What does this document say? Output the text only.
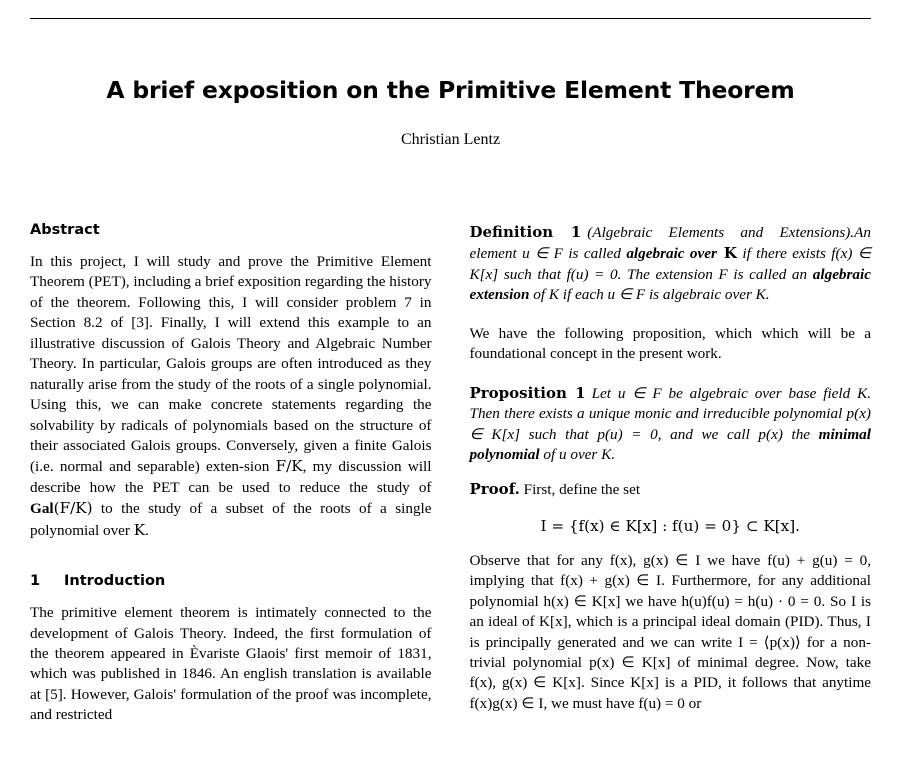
A brief exposition on the Primitive Element Theorem
Christian Lentz
Abstract

In this project, I will study and prove the Primitive Element Theorem (PET), including a brief exposition regarding the history of the theorem. Following this, I will consider problem 7 in Section 8.2 of [3]. Finally, I will extend this example to an illustrative discussion of Galois Theory and Algebraic Number Theory. In particular, Galois groups are often introduced as they naturally arise from the study of the roots of a single polynomial. Using this, we can make concrete statements regarding the solvability by radicals of polynomials based on the structure of their associated Galois groups. Conversely, given a finite Galois (i.e. normal and separable) exten-sion F/K, my discussion will describe how the PET can be used to reduce the study of Gal(F/K) to the study of a subset of the roots of a single polynomial over K.

1	Introduction

The primitive element theorem is intimately connected to the development of Galois Theory. Indeed, the first formulation of the theorem appeared in Èvariste Glaois' first memoir of 1831, which was published in 1846. An english translation is available at [5]. However, Galois' formulation of the proof was incomplete, and restricted

Definition 1 (Algebraic Elements and Extensions).An element u ∈ F is called algebraic over K if there exists f(x) ∈ K[x] such that f(u) = 0. The extension F is called an algebraic extension of K if each u ∈ F is algebraic over K.

We have the following proposition, which which will be a foundational concept in the present work.

Proposition 1 Let u ∈ F be algebraic over base field K. Then there exists a unique monic and irreducible polynomial p(x) ∈ K[x] such that p(u) = 0, and we call p(x) the minimal polynomial of u over K.

Proof. First, define the set

I = {f(x) ∈ K[x] : f(u) = 0} ⊂ K[x].

Observe that for any f(x), g(x) ∈ I we have f(u) + g(u) = 0, implying that f(x) + g(x) ∈ I. Furthermore, for any additional polynomial h(x) ∈ K[x] we have h(u)f(u) = h(u) · 0 = 0. So I is an ideal of K[x], which is a principal ideal domain (PID). Thus, I is principally generated and we can write I = ⟨p(x)⟩ for a non-trivial polynomial p(x) ∈ K[x] of minimal degree. Now, take f(x), g(x) ∈ K[x]. Since K[x] is a PID, it follows that anytime f(x)g(x) ∈ I, we must have f(u) = 0 or
